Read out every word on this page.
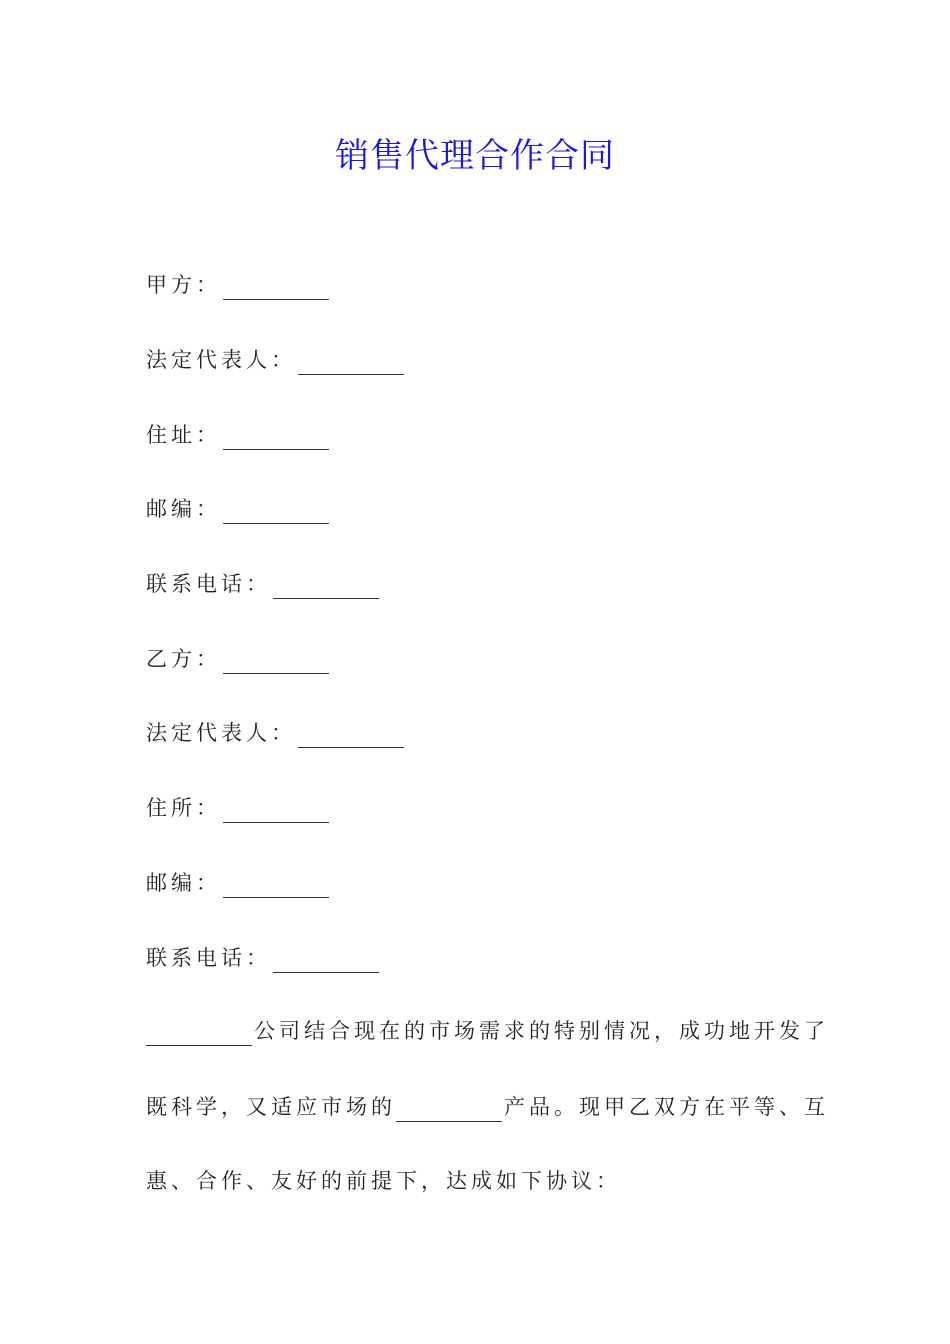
销售代理合作合同
甲方：
法定代表人：
住址：
邮编：
联系电话：
乙方：
法定代表人：
住所：
邮编：
联系电话：
公司结合现在的市场需求的特别情况，成功地开发了
既科学，又适应市场的	产品。现甲乙双方在平等、互
惠、合作、友好的前提下，达成如下协议：
